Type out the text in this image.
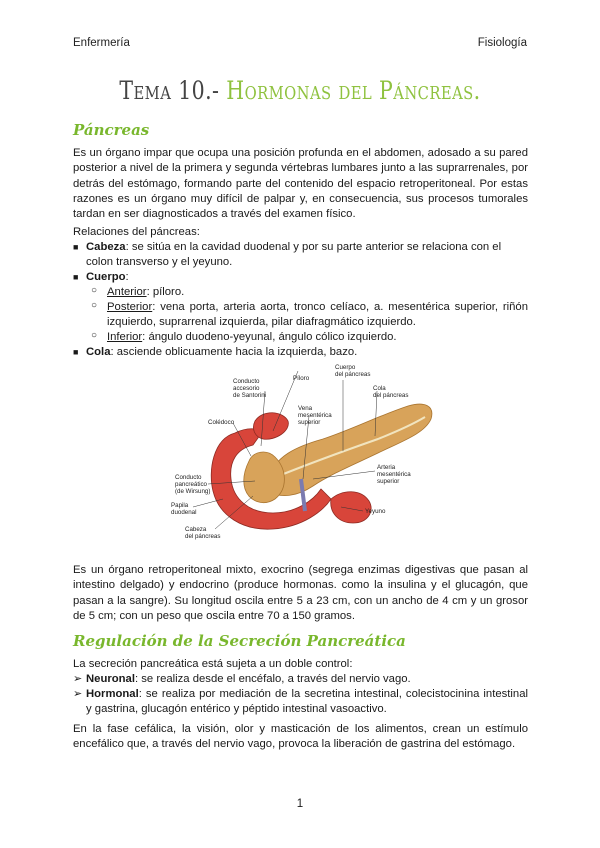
Enfermería	Fisiología
Tema 10.- Hormonas del Páncreas.
Páncreas
Es un órgano impar que ocupa una posición profunda en el abdomen, adosado a su pared posterior a nivel de la primera y segunda vértebras lumbares junto a las suprarrenales, por detrás del estómago, formando parte del contenido del espacio retroperitoneal. Por estas razones es un órgano muy difícil de palpar y, en consecuencia, sus procesos tumorales tardan en ser diagnosticados a través del examen físico.
Relaciones del páncreas:
■ Cabeza: se sitúa en la cavidad duodenal y por su parte anterior se relaciona con el colon transverso y el yeyuno.
■ Cuerpo:
○ Anterior: píloro.
○ Posterior: vena porta, arteria aorta, tronco celíaco, a. mesentérica superior, riñón izquierdo, suprarrenal izquierda, pilar diafragmático izquierdo.
○ Inferior: ángulo duodeno-yeyunal, ángulo cólico izquierdo.
■ Cola: asciende oblicuamente hacia la izquierda, bazo.
Cuerpo
del páncreas
Cola
del páncreas
Píloro
Conducto
accesorio
de Santorini
Vena
mesentérica
superior
Colédoco
Arteria
mesentérica
superior
Conducto
pancreático
(de Wirsung)
Papila
duodenal	Yeyuno
Cabeza
del páncreas
Es un órgano retroperitoneal mixto, exocrino (segrega enzimas digestivas que pasan al intestino delgado) y endocrino (produce hormonas. como la insulina y el glucagón, que pasan a la sangre). Su longitud oscila entre 5 a 23 cm, con un ancho de 4 cm y un grosor de 5 cm; con un peso que oscila entre 70 a 150 gramos.
Regulación de la Secreción Pancreática
La secreción pancreática está sujeta a un doble control:
➢ Neuronal: se realiza desde el encéfalo, a través del nervio vago.
➢ Hormonal: se realiza por mediación de la secretina intestinal, colecistocinina intestinal y gastrina, glucagón entérico y péptido intestinal vasoactivo.
En la fase cefálica, la visión, olor y masticación de los alimentos, crean un estímulo encefálico que, a través del nervio vago, provoca la liberación de gastrina del estómago.
1
